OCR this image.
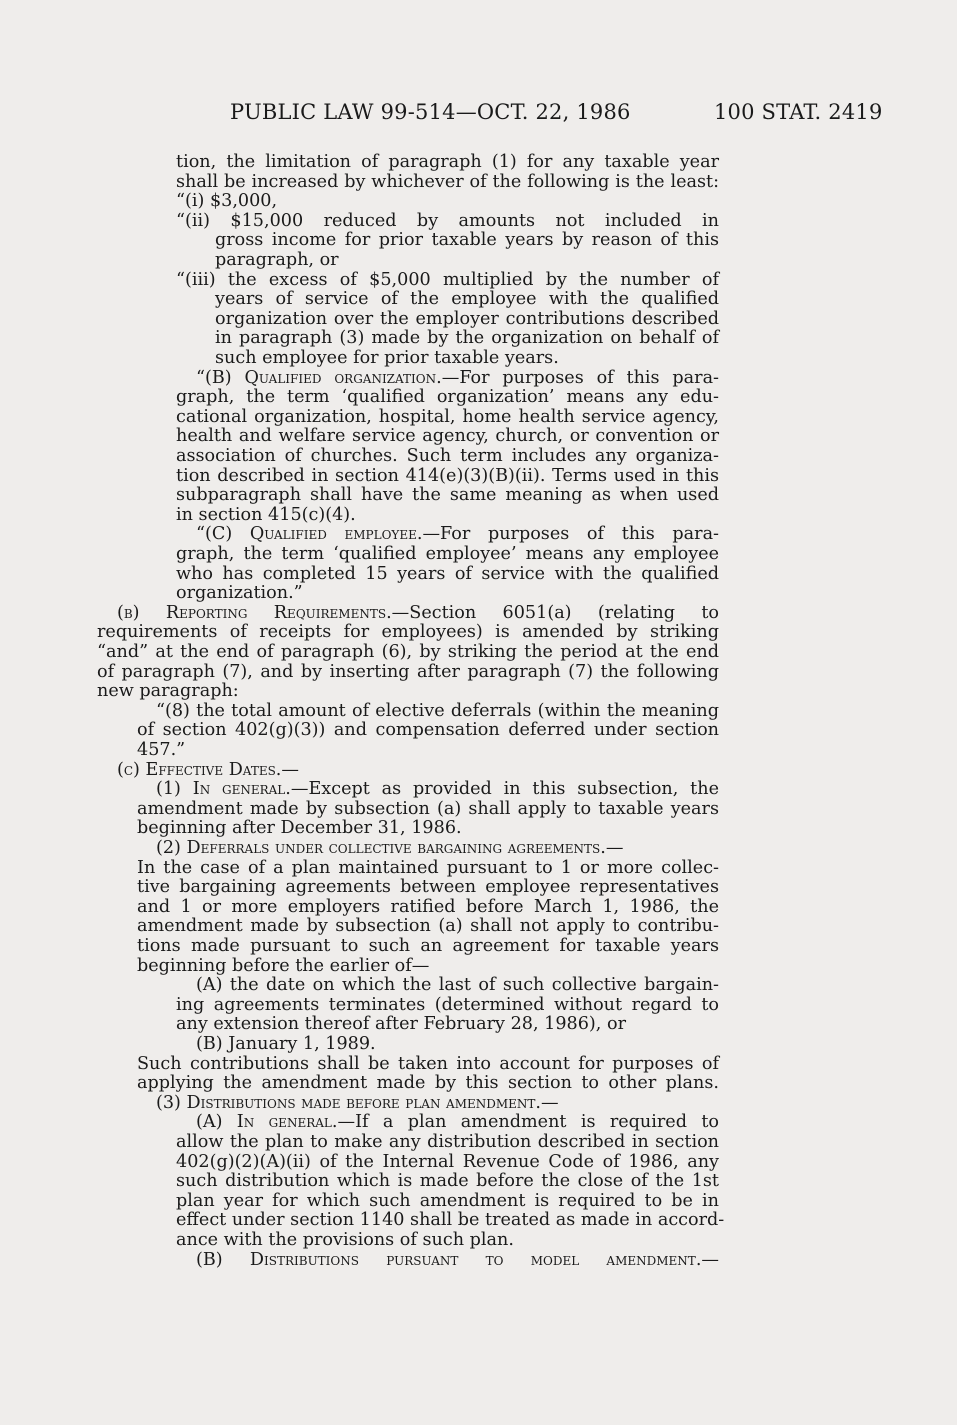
PUBLIC LAW 99-514—OCT. 22, 1986	100 STAT. 2419
tion, the limitation of paragraph (1) for any taxable year
shall be increased by whichever of the following is the least:
“(i) $3,000,
“(ii) $15,000 reduced by amounts not included in
gross income for prior taxable years by reason of this
paragraph, or
“(iii) the excess of $5,000 multiplied by the number of
years of service of the employee with the qualified
organization over the employer contributions described
in paragraph (3) made by the organization on behalf of
such employee for prior taxable years.
“(B) Qualified organization.—For purposes of this para-
graph, the term ‘qualified organization’ means any edu-
cational organization, hospital, home health service agency,
health and welfare service agency, church, or convention or
association of churches. Such term includes any organiza-
tion described in section 414(e)(3)(B)(ii). Terms used in this
subparagraph shall have the same meaning as when used
in section 415(c)(4).
“(C) Qualified employee.—For purposes of this para-
graph, the term ‘qualified employee’ means any employee
who has completed 15 years of service with the qualified
organization.”
(b) Reporting Requirements.—Section 6051(a) (relating to
requirements of receipts for employees) is amended by striking
“and” at the end of paragraph (6), by striking the period at the end
of paragraph (7), and by inserting after paragraph (7) the following
new paragraph:
“(8) the total amount of elective deferrals (within the meaning
of section 402(g)(3)) and compensation deferred under section
457.”
(c) Effective Dates.—
(1) In general.—Except as provided in this subsection, the
amendment made by subsection (a) shall apply to taxable years
beginning after December 31, 1986.
(2) Deferrals under collective bargaining agreements.—
In the case of a plan maintained pursuant to 1 or more collec-
tive bargaining agreements between employee representatives
and 1 or more employers ratified before March 1, 1986, the
amendment made by subsection (a) shall not apply to contribu-
tions made pursuant to such an agreement for taxable years
beginning before the earlier of—
(A) the date on which the last of such collective bargain-
ing agreements terminates (determined without regard to
any extension thereof after February 28, 1986), or
(B) January 1, 1989.
Such contributions shall be taken into account for purposes of
applying the amendment made by this section to other plans.
(3) Distributions made before plan amendment.—
(A) In general.—If a plan amendment is required to
allow the plan to make any distribution described in section
402(g)(2)(A)(ii) of the Internal Revenue Code of 1986, any
such distribution which is made before the close of the 1st
plan year for which such amendment is required to be in
effect under section 1140 shall be treated as made in accord-
ance with the provisions of such plan.
(B) Distributions pursuant to model amendment.—
